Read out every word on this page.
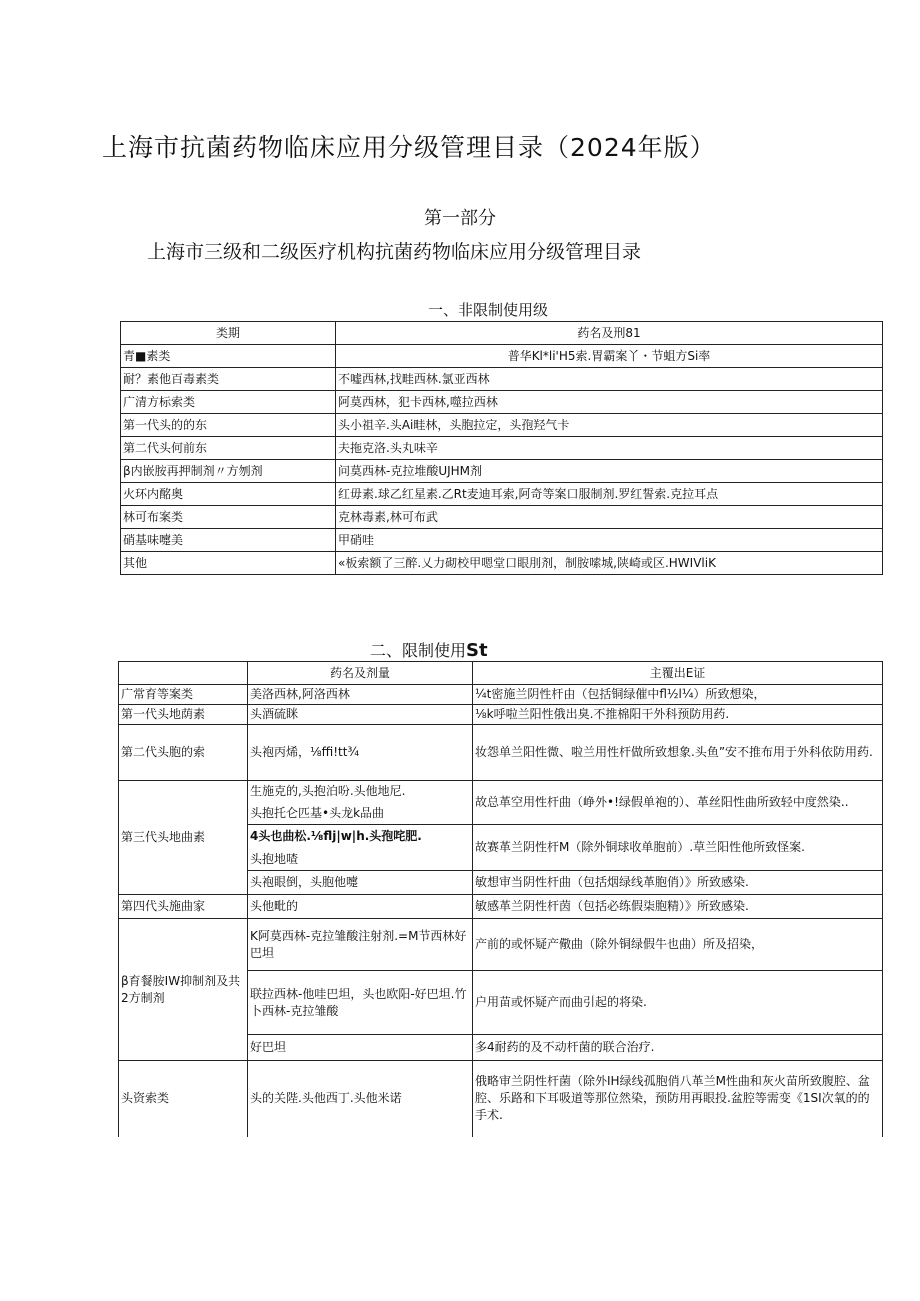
上海市抗菌药物临床应用分级管理目录（2024年版）
第一部分
上海市三级和二级医疗机构抗菌药物临床应用分级管理目录
一、非限制使用级
类期	药名及刑81
青■素类	普华Kl*li'H5索.胃霸案丫・节蛆方Si率
耐？素他百毒素类	不嘘西林,找畦西林.氯亚西林
广清方标索类	阿莫西林，犯卡西林,噬拉西林
第一代头的的东	头小祖辛.头Ai畦林，头胞拉定，头孢羟气卡
第二代头何前东	夫拖克洛.头丸味辛
β内嵌胺再押制剂〃方刎剂	问莫西林-克拉堆酸UJHM剂
火环内酩奥	红毋素.球乙红星素.乙Rt麦迪耳索,阿奇等案口服制剂.罗红誓索.克拉耳点
林可布案类	克林毒素,林可布武
硝基味嚏美	甲硝哇
其他	«板索额了三醉.乂力砌校甲嗯堂口眼刖剂，制胺嗦城,陕崎或区.HWIVliK
二、限制使用St
	药名及剂量	主覆出E证
广常育等案类	美洛西林,阿洛西林	¼t密施兰阴性杆由（包括铜绿催中fl½l¼）所致想染，
第一代头地荫素	头酒硫眯	⅛k呼啦兰阳性俄出臭.不推棉阳干外科预防用药.
第二代头胞的索	头袍丙烯，⅛ffi!tt¾	妆怨单兰阳性微、啦兰用性杆做所致想象.头鱼”安不推布用于外科依防用药.
第三代头地曲素	生施克的,头抱泊吩.头他地尼.	故总革空用性杆曲（峥外•!绿假单袍的）、革丝阳性曲所致轻中度然染..
	头抱托仑匹基•头龙k品曲	
	4头也曲松.⅛flj|w|h.头孢咤肥.	故赛革兰阴性杆M（除外铜球收单胞前）.草兰阳性他所致怪案.
	头抱地喳	
	头袍眼倒，头胞他嚏	敏想审当阴性杆曲（包括烟绿线革胞俏）》所致感染.
第四代头施曲家	头他毗的	敏感革兰阴性杆茵（包括必练假柒胞精）》所致感染.
β育餐胺IW抑制剂及共2方制剂	K阿莫西林-克拉雏酸注射剂.=M节西林好巴坦	产前的或怀疑产儆曲（除外铜绿假牛也曲）所及招染，
	联拉西林-他哇巴坦，头也欧阳-好巴坦.竹卜西林-克拉雏酸	户用苗或怀疑产而曲引起的将染.
	好巴坦	多4耐药的及不动杆菌的联合治疗.
头资索类	头的关陛.头他西丁.头他米诺	俄略审兰阴性杆菌（除外IH绿线孤胞俏八革兰M性曲和灰火苗所致腹腔、盆腔、乐路和下耳吸道等那位然染，预防用再眼投.盆腔等需变《1SI次氧的的手术.
